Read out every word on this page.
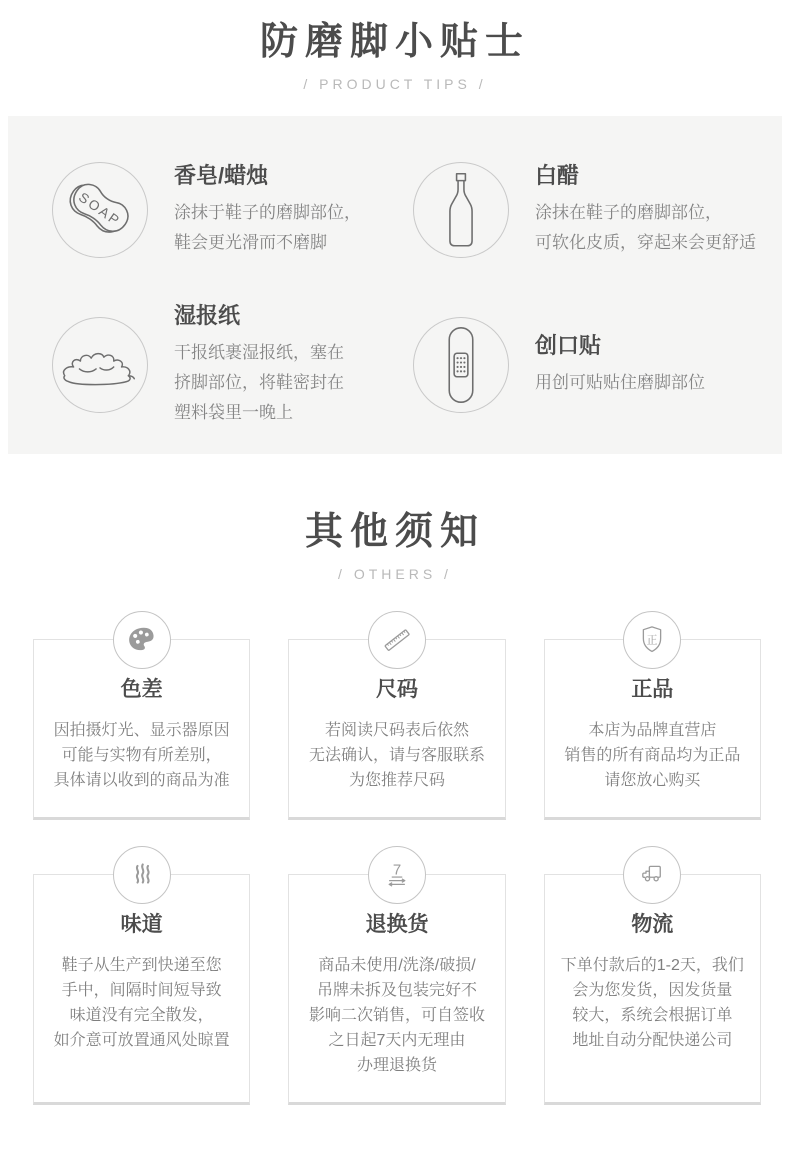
防磨脚小贴士
/ PRODUCT TIPS /
SOAP
香皂/蜡烛
涂抹于鞋子的磨脚部位，
鞋会更光滑而不磨脚
白醋
涂抹在鞋子的磨脚部位，
可软化皮质，穿起来会更舒适
湿报纸
干报纸裹湿报纸，塞在
挤脚部位，将鞋密封在
塑料袋里一晚上
创口贴
用创可贴贴住磨脚部位
其他须知
/ OTHERS /
色差
因拍摄灯光、显示器原因
可能与实物有所差别，
具体请以收到的商品为准
尺码
若阅读尺码表后依然
无法确认，请与客服联系
为您推荐尺码
正
正品
本店为品牌直营店
销售的所有商品均为正品
请您放心购买
味道
鞋子从生产到快递至您
手中，间隔时间短导致
味道没有完全散发，
如介意可放置通风处晾置
7
退换货
商品未使用/洗涤/破损/
吊牌未拆及包装完好不
影响二次销售，可自签收
之日起7天内无理由
办理退换货
物流
下单付款后的1-2天，我们
会为您发货，因发货量
较大，系统会根据订单
地址自动分配快递公司
